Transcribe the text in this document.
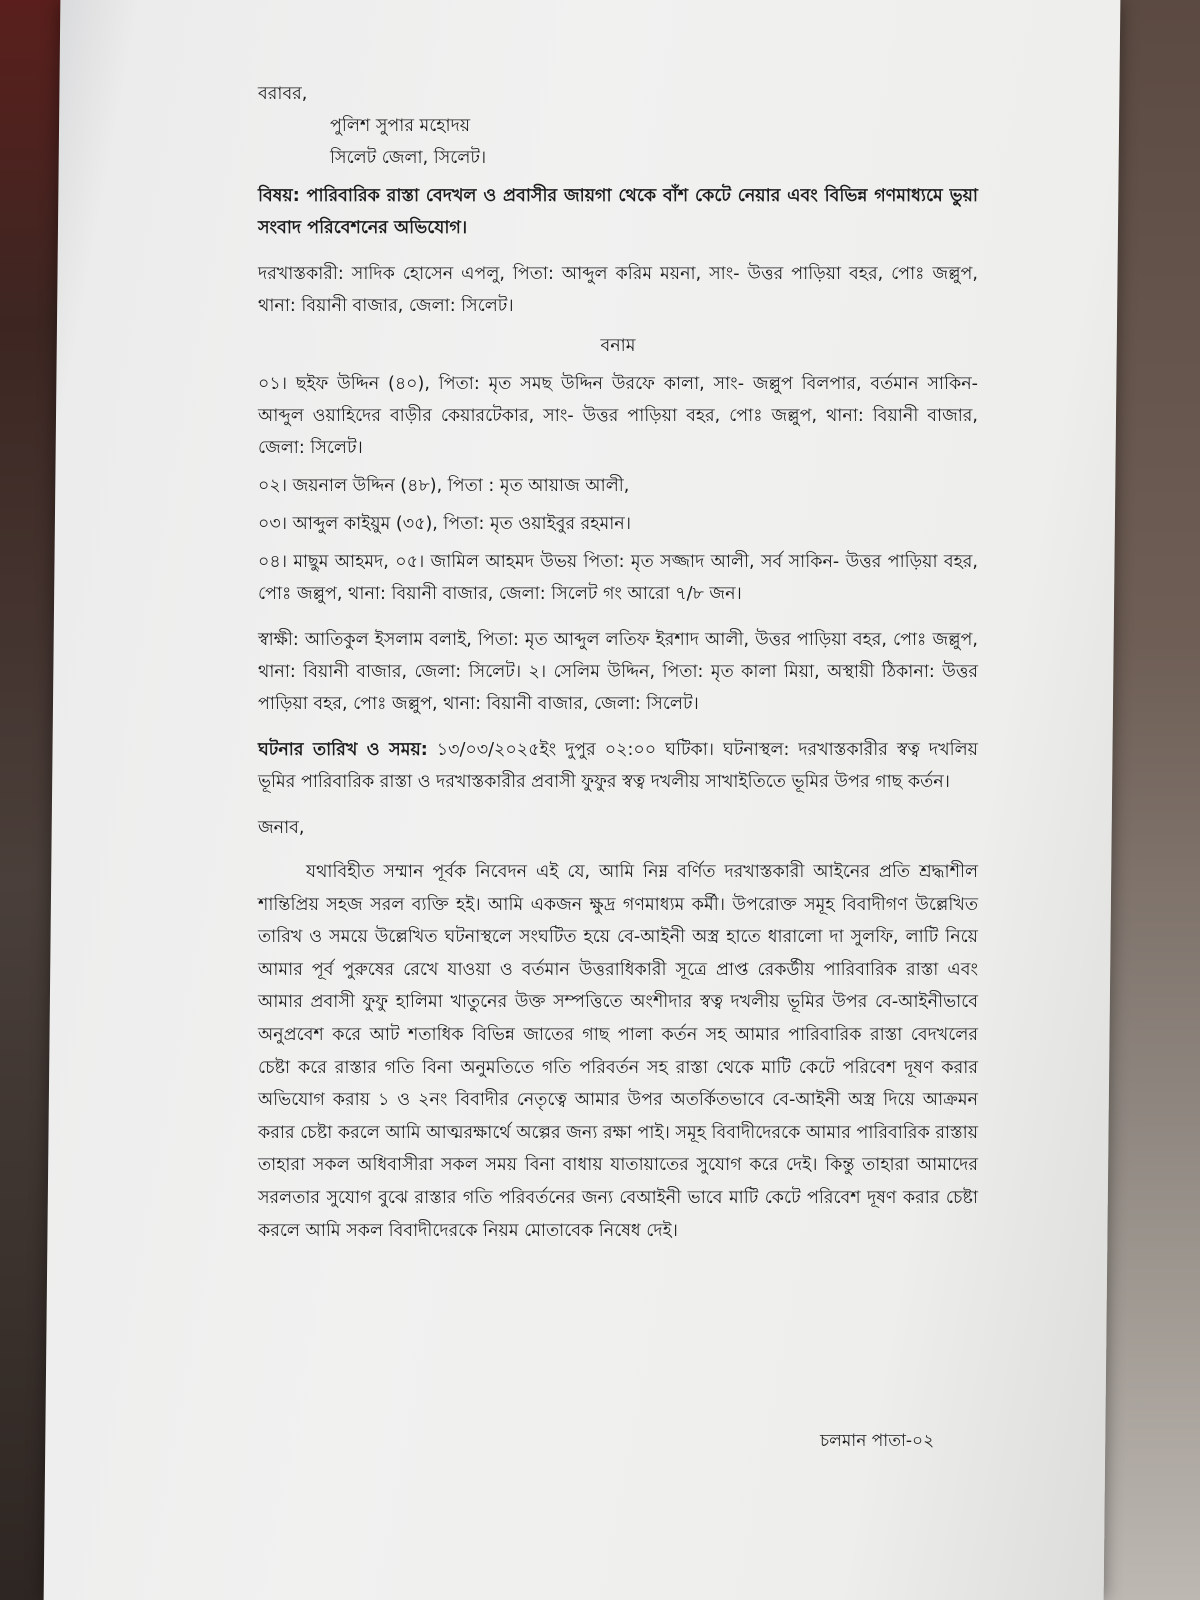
বরাবর,

পুলিশ সুপার মহোদয়

সিলেট জেলা, সিলেট।

বিষয়: পারিবারিক রাস্তা বেদখল ও প্রবাসীর জায়গা থেকে বাঁশ কেটে নেয়ার এবং বিভিন্ন গণমাধ্যমে ভুয়া সংবাদ পরিবেশনের অভিযোগ।

দরখাস্তকারী: সাদিক হোসেন এপলু, পিতা: আব্দুল করিম ময়না, সাং- উত্তর পাড়িয়া বহর, পোঃ জল্লুপ, থানা: বিয়ানী বাজার, জেলা: সিলেট।

বনাম

০১। ছইফ উদ্দিন (৪০), পিতা: মৃত সমছ উদ্দিন উরফে কালা, সাং- জল্লুপ বিলপার, বর্তমান সাকিন- আব্দুল ওয়াহিদের বাড়ীর কেয়ারটেকার, সাং- উত্তর পাড়িয়া বহর, পোঃ জল্লুপ, থানা: বিয়ানী বাজার, জেলা: সিলেট।

০২। জয়নাল উদ্দিন (৪৮), পিতা : মৃত আয়াজ আলী,

০৩। আব্দুল কাইয়ুম (৩৫), পিতা: মৃত ওয়াইবুর রহমান।

০৪। মাছুম আহমদ, ০৫। জামিল আহমদ উভয় পিতা: মৃত সজ্জাদ আলী, সর্ব সাকিন- উত্তর পাড়িয়া বহর, পোঃ জল্লুপ, থানা: বিয়ানী বাজার, জেলা: সিলেট গং আরো ৭/৮ জন।

স্বাক্ষী: আতিকুল ইসলাম বলাই, পিতা: মৃত আব্দুল লতিফ ইরশাদ আলী, উত্তর পাড়িয়া বহর, পোঃ জল্লুপ, থানা: বিয়ানী বাজার, জেলা: সিলেট। ২। সেলিম উদ্দিন, পিতা: মৃত কালা মিয়া, অস্থায়ী ঠিকানা: উত্তর পাড়িয়া বহর, পোঃ জল্লুপ, থানা: বিয়ানী বাজার, জেলা: সিলেট।

ঘটনার তারিখ ও সময়: ১৩/০৩/২০২৫ইং দুপুর ০২:০০ ঘটিকা। ঘটনাস্থল: দরখাস্তকারীর স্বত্ব দখলিয় ভূমির পারিবারিক রাস্তা ও দরখাস্তকারীর প্রবাসী ফুফুর স্বত্ব দখলীয় সাখাইতিতে ভূমির উপর গাছ কর্তন।

জনাব,

যথাবিহীত সম্মান পূর্বক নিবেদন এই যে, আমি নিম্ন বর্ণিত দরখাস্তকারী আইনের প্রতি শ্রদ্ধাশীল শান্তিপ্রিয় সহজ সরল ব্যক্তি হই। আমি একজন ক্ষুদ্র গণমাধ্যম কর্মী। উপরোক্ত সমূহ বিবাদীগণ উল্লেখিত তারিখ ও সময়ে উল্লেখিত ঘটনাস্থলে সংঘটিত হয়ে বে-আইনী অস্ত্র হাতে ধারালো দা সুলফি, লাটি নিয়ে আমার পূর্ব পুরুষের রেখে যাওয়া ও বর্তমান উত্তরাধিকারী সূত্রে প্রাপ্ত রেকর্ডীয় পারিবারিক রাস্তা এবং আমার প্রবাসী ফুফু হালিমা খাতুনের উক্ত সম্পত্তিতে অংশীদার স্বত্ব দখলীয় ভূমির উপর বে-আইনীভাবে অনুপ্রবেশ করে আট শতাধিক বিভিন্ন জাতের গাছ পালা কর্তন সহ আমার পারিবারিক রাস্তা বেদখলের চেষ্টা করে রাস্তার গতি বিনা অনুমতিতে গতি পরিবর্তন সহ রাস্তা থেকে মাটি কেটে পরিবেশ দূষণ করার অভিযোগ করায় ১ ও ২নং বিবাদীর নেতৃত্বে আমার উপর অতর্কিতভাবে বে-আইনী অস্ত্র দিয়ে আক্রমন করার চেষ্টা করলে আমি আত্মরক্ষার্থে অল্পের জন্য রক্ষা পাই। সমূহ বিবাদীদেরকে আমার পারিবারিক রাস্তায় তাহারা সকল অধিবাসীরা সকল সময় বিনা বাধায় যাতায়াতের সুযোগ করে দেই। কিন্তু তাহারা আমাদের সরলতার সুযোগ বুঝে রাস্তার গতি পরিবর্তনের জন্য বেআইনী ভাবে মাটি কেটে পরিবেশ দূষণ করার চেষ্টা করলে আমি সকল বিবাদীদেরকে নিয়ম মোতাবেক নিষেধ দেই।

চলমান পাতা-০২
